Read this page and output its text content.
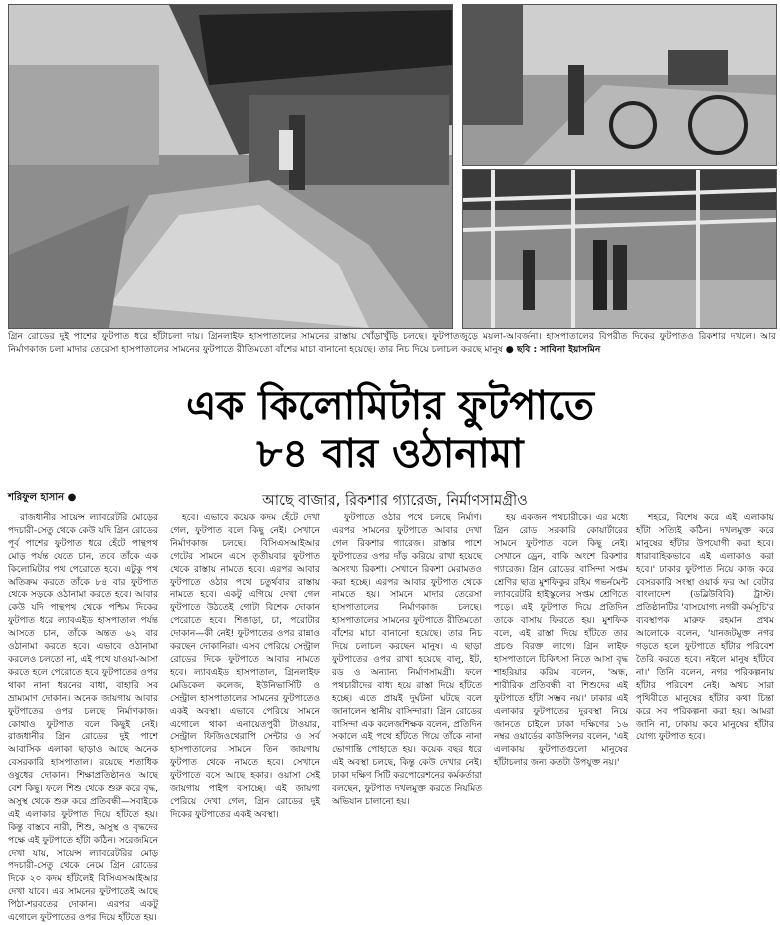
গ্রিন রোডের দুই পাশের ফুটপাত ধরে হাঁটাচলা দায়। গ্রিনলাইফ হাসপাতালের সামনের রাস্তায় খোঁড়াখুঁড়ি চলছে। ফুটপাতজুড়ে ময়লা-আবর্জনা। হাসপাতালের বিপরীত দিকের ফুটপাতও রিকশার দখলে। আর নির্মাণকাজ চলা মাদার তেরেসা হাসপাতালের সামনের ফুটপাতে রীতিমতো বাঁশের মাচা বানানো হয়েছে। তার নিচ দিয়ে চলাচল করছে মানুষ ● ছবি : সাবিনা ইয়াসমিন
এক কিলোমিটার ফুটপাতে
৮৪ বার ওঠানামা
শরিফুল হাসান ●	আছে বাজার, রিকশার গ্যারেজ, নির্মাণসামগ্রীও

রাজধানীর সায়েন্স ল্যাবরেটরি মোড়ের পদচারী-সেতু থেকে কেউ যদি গ্রিন রোডের পূর্ব পাশের ফুটপাত ধরে হেঁটে পান্থপথ মোড় পর্যন্ত যেতে চান, তবে তাঁকে এক কিলোমিটার পথ পেরোতে হবে। এটুকু পথ অতিক্রম করতে তাঁকে ৮৪ বার ফুটপাত থেকে সড়কে ওঠানামা করতে হবে। আবার কেউ যদি পান্থপথ থেকে পশ্চিম দিকের ফুটপাত ধরে ল্যাবএইড হাসপাতাল পর্যন্ত আসতে চান, তাঁকে অন্তত ৬২ বার ওঠানামা করতে হবে। এভাবে ওঠানামা করলেও চলতো না, এই পথে যাওয়া-আসা করতে হলে পেরোতে হবে ফুটপাতের ওপর থাকা নানা ধরনের বাধা, বাহারি সব ভ্রাম্যমাণ দোকান। অনেক জায়গায় আবার ফুটপাতের ওপর চলছে নির্মাণকাজ। কোথাও ফুটপাত বলে কিছুই নেই। রাজধানীর গ্রিন রোডের দুই পাশে আবাসিক এলাকা ছাড়াও আছে অনেক বেসরকারি হাসপাতাল। রয়েছে শতাধিক ওষুধের দোকান। শিক্ষাপ্রতিষ্ঠানও আছে বেশ কিছু। ফলে শিশু থেকে শুরু করে বৃদ্ধ, অসুস্থ থেকে শুরু করে প্রতিবন্ধী—সবাইকে এই এলাকার ফুটপাত দিয়ে হাঁটতে হয়। কিন্তু বাস্তবে নারী, শিশু, অসুস্থ ও বৃদ্ধদের পক্ষে এই ফুটপাতে হাঁটা কঠিন। সরেজমিনে দেখা যায়, সায়েন্স ল্যাবরেটরির মোড় পদচারী-সেতু থেকে নেমে গ্রিন রোডের দিকে ২০ কদম হাঁটলেই বিসিএসআইআর দেখা যাবে। এর সামনের ফুটপাতেই আছে পিঠা-শরবতের দোকান। এরপর একটু এগোলে ফুটপাতের ওপর দিয়ে হাঁটতে হয়।

হবে। এভাবে কয়েক কদম হেঁটে দেখা গেল, ফুটপাত বলে কিছু নেই। সেখানে নির্মাণকাজ চলছে। বিসিএসআইআর গেটের সামনে এসে তৃতীয়বার ফুটপাত থেকে রাস্তায় নামতে হবে। এরপর আবার ফুটপাতে ওঠার পথে চতুর্থবার রাস্তায় নামতে হবে। একটু এগিয়ে দেখা গেল ফুটপাতে উঠতেই গোটা বিশেক দোকান পেরোতে হবে। শিঙাড়া, চা, পরোটার দোকান—কী নেই! ফুটপাতের ওপর রান্নাও করছেন দোকানিরা। এসব পেরিয়ে সেন্ট্রাল রোডের দিকে ফুটপাতে আবার নামতে হবে। ল্যাবএইড হাসপাতাল, গ্রিনলাইফ মেডিকেল কলেজ, ইউনিভার্সিটি ও সেন্ট্রাল হাসপাতালের সামনের ফুটপাতেও একই অবস্থা। এভাবে পেরিয়ে সামনে এগোলে থাকা এনায়েতপুরী টাওয়ার, সেন্ট্রাল ফিজিওথেরাপি সেন্টার ও সর্ব হাসপাতালের সামনে তিন জায়গায় ফুটপাত থেকে নামতে হবে। সেখানে ফুটপাতে বসে আছে হকার। ওয়াসা সেই জায়গায় পাইপ বসাচ্ছে। এই জায়গা পেরিয়ে দেখা গেল, গ্রিন রোডের দুই দিকের ফুটপাতের একই অবস্থা।

ফুটপাতে ওঠার পথে চলছে নির্মাণ। এরপর সামনের ফুটপাতে আবার দেখা গেল রিকশার গ্যারেজ। রাস্তার পাশে ফুটপাতের ওপর দাঁড় করিয়ে রাখা হয়েছে অসংখ্য রিকশা। সেখানে রিকশা মেরামতও করা হচ্ছে। এরপর আবার ফুটপাত থেকে নামতে হয়। সামনে মাদার তেরেসা হাসপাতালের নির্মাণকাজ চলছে। হাসপাতালের সামনের ফুটপাতে রীতিমতো বাঁশের মাচা বানানো হয়েছে। তার নিচ দিয়ে চলাচল করছেন মানুষ। এ ছাড়া ফুটপাতের ওপর রাখা হয়েছে বালু, ইট, রড ও অন্যান্য নির্মাণসামগ্রী। ফলে পথচারীদের বাধ্য হয়ে রাস্তা দিয়ে হাঁটতে হচ্ছে। এতে প্রায়ই দুর্ঘটনা ঘটছে বলে জানালেন স্থানীয় বাসিন্দারা। গ্রিন রোডের বাসিন্দা এক কলেজশিক্ষক বলেন, প্রতিদিন সকালে এই পথে হাঁটতে গিয়ে তাঁকে নানা ভোগান্তি পোহাতে হয়। কয়েক বছর ধরে এই অবস্থা চলছে, কিন্তু কেউ দেখার নেই। ঢাকা দক্ষিণ সিটি করপোরেশনের কর্মকর্তারা বলছেন, ফুটপাত দখলমুক্ত করতে নিয়মিত অভিযান চালানো হয়।

হয় একজন পথচারীকে। এর মধ্যে গ্রিন রোড সরকারি কোয়ার্টারের সামনে ফুটপাত বলে কিছু নেই। সেখানে ড্রেন, বাকি অংশে রিকশার গ্যারেজ। গ্রিন রোডের বাসিন্দা সপ্তম শ্রেণির ছাত্র মুশফিকুর রহিম গভর্নমেন্ট ল্যাবরেটরি হাইস্কুলের সপ্তম শ্রেণিতে পড়ে। এই ফুটপাত দিয়ে প্রতিদিন তাকে বাসায় ফিরতে হয়। মুশফিক বলে, এই রাস্তা দিয়ে হাঁটতে তার প্রচণ্ড বিরক্ত লাগে। গ্রিন লাইফ হাসপাতালে চিকিৎসা নিতে আসা বৃদ্ধ শাহরিয়ার করিম বলেন, 'অন্ধ, শারীরিক প্রতিবন্ধী বা শিশুদের এই ফুটপাতে হাঁটা সম্ভব নয়।' ঢাকার এই এলাকার ফুটপাতের দুরবস্থা নিয়ে জানতে চাইলে ঢাকা দক্ষিণের ১৬ নম্বর ওয়ার্ডের কাউন্সিলর বলেন, 'এই এলাকায় ফুটপাতগুলো মানুষের হাঁটাচলার জন্য কতটা উপযুক্ত নয়।'

শহরে, বিশেষ করে এই এলাকায় হাঁটা সত্যিই কঠিন। দখলমুক্ত করে মানুষের হাঁটার উপযোগী করা হবে। ধারাবাহিকভাবে এই এলাকাও করা হবে।' ঢাকার ফুটপাত নিয়ে কাজ করে বেসরকারি সংস্থা ওয়ার্ক ফর আ বেটার বাংলাদেশ (ডব্লিউবিবি) ট্রাস্ট। প্রতিষ্ঠানটির 'বাসযোগ্য নগরী কর্মসূচি'র ব্যবস্থাপক মারুফ রহমান প্রথম আলোকে বলেন, 'যানজটমুক্ত নগর গড়তে হলে ফুটপাতে হাঁটার পরিবেশ তৈরি করতে হবে। নইলে মানুষ হাঁটবে না।' তিনি বলেন, নগর পরিকল্পনায় হাঁটার পরিবেশ নেই। অথচ সারা পৃথিবীতে মানুষের হাঁটার কথা চিন্তা করে সব পরিকল্পনা করা হয়। আমরা জানি না, ঢাকায় কবে মানুষের হাঁটার যোগ্য ফুটপাত হবে।
